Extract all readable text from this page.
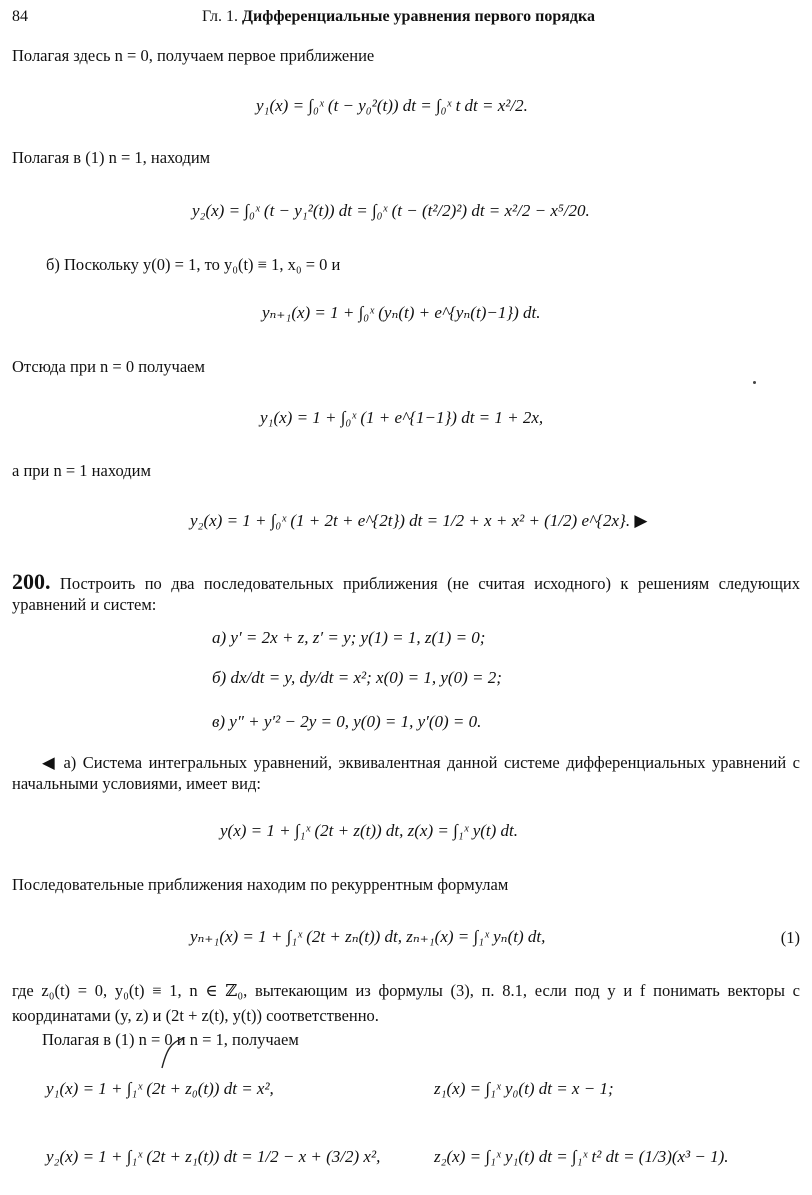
84	Гл. 1. Дифференциальные уравнения первого порядка
Полагая здесь n = 0, получаем первое приближение
y₁(x) = ∫₀ˣ (t − y₀²(t)) dt = ∫₀ˣ t dt = x²/2.
Полагая в (1) n = 1, находим
y₂(x) = ∫₀ˣ (t − y₁²(t)) dt = ∫₀ˣ (t − (t²/2)²) dt = x²/2 − x⁵/20.
б) Поскольку y(0) = 1, то y₀(t) ≡ 1, x₀ = 0 и
yₙ₊₁(x) = 1 + ∫₀ˣ (yₙ(t) + e^{yₙ(t)−1}) dt.
Отсюда при n = 0 получаем
y₁(x) = 1 + ∫₀ˣ (1 + e^{1−1}) dt = 1 + 2x,
а при n = 1 находим
y₂(x) = 1 + ∫₀ˣ (1 + 2t + e^{2t}) dt = 1/2 + x + x² + (1/2) e^{2x}. ▶
200. Построить по два последовательных приближения (не считая исходного) к решениям следующих уравнений и систем:
а) y′ = 2x + z, z′ = y; y(1) = 1, z(1) = 0;
б) dx/dt = y, dy/dt = x²; x(0) = 1, y(0) = 2;
в) y″ + y′² − 2y = 0, y(0) = 1, y′(0) = 0.
◀ а) Система интегральных уравнений, эквивалентная данной системе дифференциальных уравнений с начальными условиями, имеет вид:
y(x) = 1 + ∫₁ˣ (2t + z(t)) dt, z(x) = ∫₁ˣ y(t) dt.
Последовательные приближения находим по рекуррентным формулам
yₙ₊₁(x) = 1 + ∫₁ˣ (2t + zₙ(t)) dt, zₙ₊₁(x) = ∫₁ˣ yₙ(t) dt,	(1)
где z₀(t) = 0, y₀(t) ≡ 1, n ∈ ℤ₀, вытекающим из формулы (3), п. 8.1, если под y и f понимать векторы с координатами (y, z) и (2t + z(t), y(t)) соответственно.
Полагая в (1) n = 0 и n = 1, получаем
y₁(x) = 1 + ∫₁ˣ (2t + z₀(t)) dt = x²,	z₁(x) = ∫₁ˣ y₀(t) dt = x − 1;
y₂(x) = 1 + ∫₁ˣ (2t + z₁(t)) dt = 1/2 − x + (3/2) x²,	z₂(x) = ∫₁ˣ y₁(t) dt = ∫₁ˣ t² dt = (1/3)(x³ − 1).
